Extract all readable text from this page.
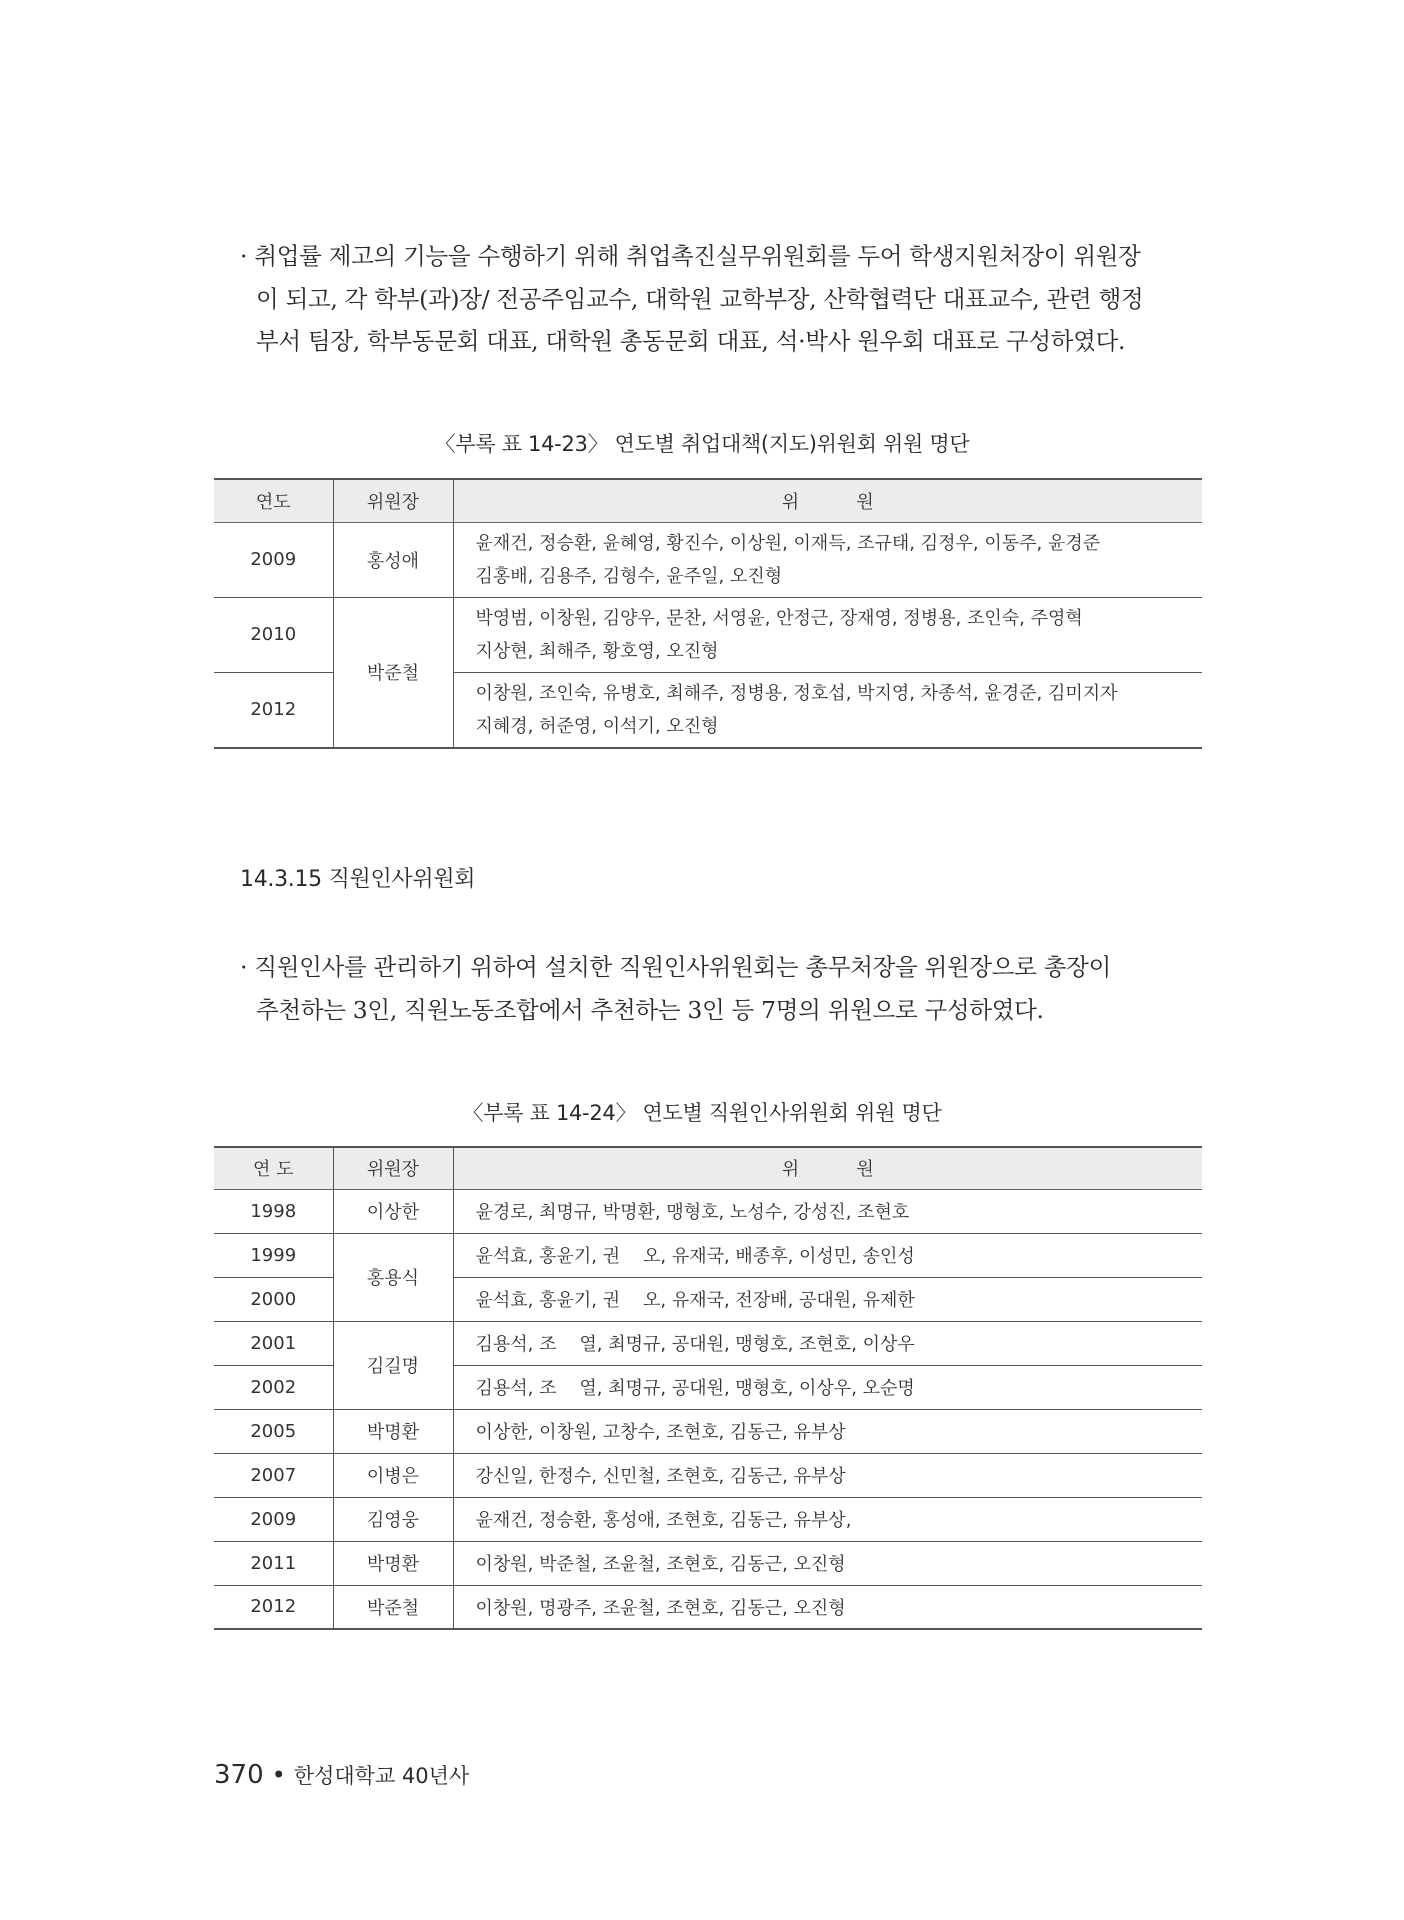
· 취업률 제고의 기능을 수행하기 위해 취업촉진실무위원회를 두어 학생지원처장이 위원장
이 되고, 각 학부(과)장/ 전공주임교수, 대학원 교학부장, 산학협력단 대표교수, 관련 행정
부서 팀장, 학부동문회 대표, 대학원 총동문회 대표, 석·박사 원우회 대표로 구성하였다.
〈부록 표 14-23〉 연도별 취업대책(지도)위원회 위원 명단
연도	위원장	위          원
2009	홍성애	윤재건, 정승환, 윤혜영, 황진수, 이상원, 이재득, 조규태, 김정우, 이동주, 윤경준
김홍배, 김용주, 김형수, 윤주일, 오진형

2010	박준철	박영범, 이창원, 김양우, 문찬, 서영윤, 안정근, 장재영, 정병용, 조인숙, 주영혁
지상현, 최해주, 황호영, 오진형

2012		이창원, 조인숙, 유병호, 최해주, 정병용, 정호섭, 박지영, 차종석, 윤경준, 김미지자
지혜경, 허준영, 이석기, 오진형
14.3.15 직원인사위원회
· 직원인사를 관리하기 위하여 설치한 직원인사위원회는 총무처장을 위원장으로 총장이
추천하는 3인, 직원노동조합에서 추천하는 3인 등 7명의 위원으로 구성하였다.
〈부록 표 14-24〉 연도별 직원인사위원회 위원 명단
연 도	위원장	위          원
1998	이상한	윤경로, 최명규, 박명환, 맹형호, 노성수, 강성진, 조현호
1999	홍용식	윤석효, 홍윤기, 권    오, 유재국, 배종후, 이성민, 송인성
2000		윤석효, 홍윤기, 권    오, 유재국, 전장배, 공대원, 유제한
2001	김길명	김용석, 조    열, 최명규, 공대원, 맹형호, 조현호, 이상우
2002		김용석, 조    열, 최명규, 공대원, 맹형호, 이상우, 오순명
2005	박명환	이상한, 이창원, 고창수, 조현호, 김동근, 유부상
2007	이병은	강신일, 한정수, 신민철, 조현호, 김동근, 유부상
2009	김영웅	윤재건, 정승환, 홍성애, 조현호, 김동근, 유부상,
2011	박명환	이창원, 박준철, 조윤철, 조현호, 김동근, 오진형
2012	박준철	이창원, 명광주, 조윤철, 조현호, 김동근, 오진형
370 • 한성대학교 40년사
